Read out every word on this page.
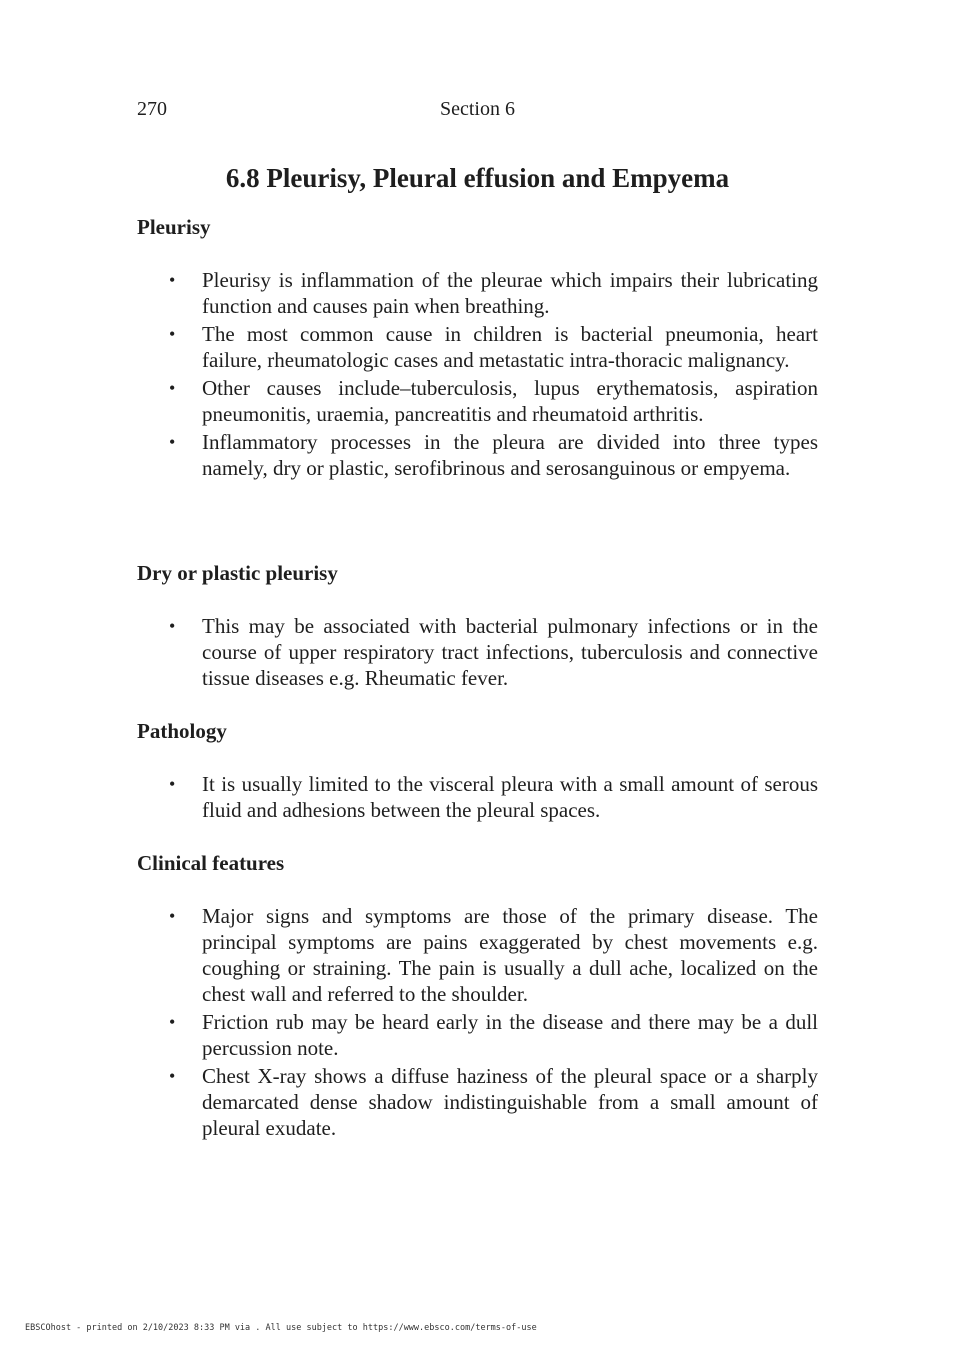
270	Section 6
6.8 Pleurisy, Pleural effusion and Empyema
Pleurisy
• Pleurisy is inflammation of the pleurae which impairs their lubricating function and causes pain when breathing.
• The most common cause in children is bacterial pneumonia, heart failure, rheumatologic cases and metastatic intra-thoracic malignancy.
• Other causes include–tuberculosis, lupus erythematosis, aspiration pneumonitis, uraemia, pancreatitis and rheumatoid arthritis.
• Inflammatory processes in the pleura are divided into three types namely, dry or plastic, serofibrinous and serosanguinous or empyema.
Dry or plastic pleurisy
• This may be associated with bacterial pulmonary infections or in the course of upper respiratory tract infections, tuberculosis and connective tissue diseases e.g. Rheumatic fever.
Pathology
• It is usually limited to the visceral pleura with a small amount of serous fluid and adhesions between the pleural spaces.
Clinical features
• Major signs and symptoms are those of the primary disease. The principal symptoms are pains exaggerated by chest movements e.g. coughing or straining. The pain is usually a dull ache, localized on the chest wall and referred to the shoulder.
• Friction rub may be heard early in the disease and there may be a dull percussion note.
• Chest X-ray shows a diffuse haziness of the pleural space or a sharply demarcated dense shadow indistinguishable from a small amount of pleural exudate.
EBSCOhost - printed on 2/10/2023 8:33 PM via . All use subject to https://www.ebsco.com/terms-of-use
